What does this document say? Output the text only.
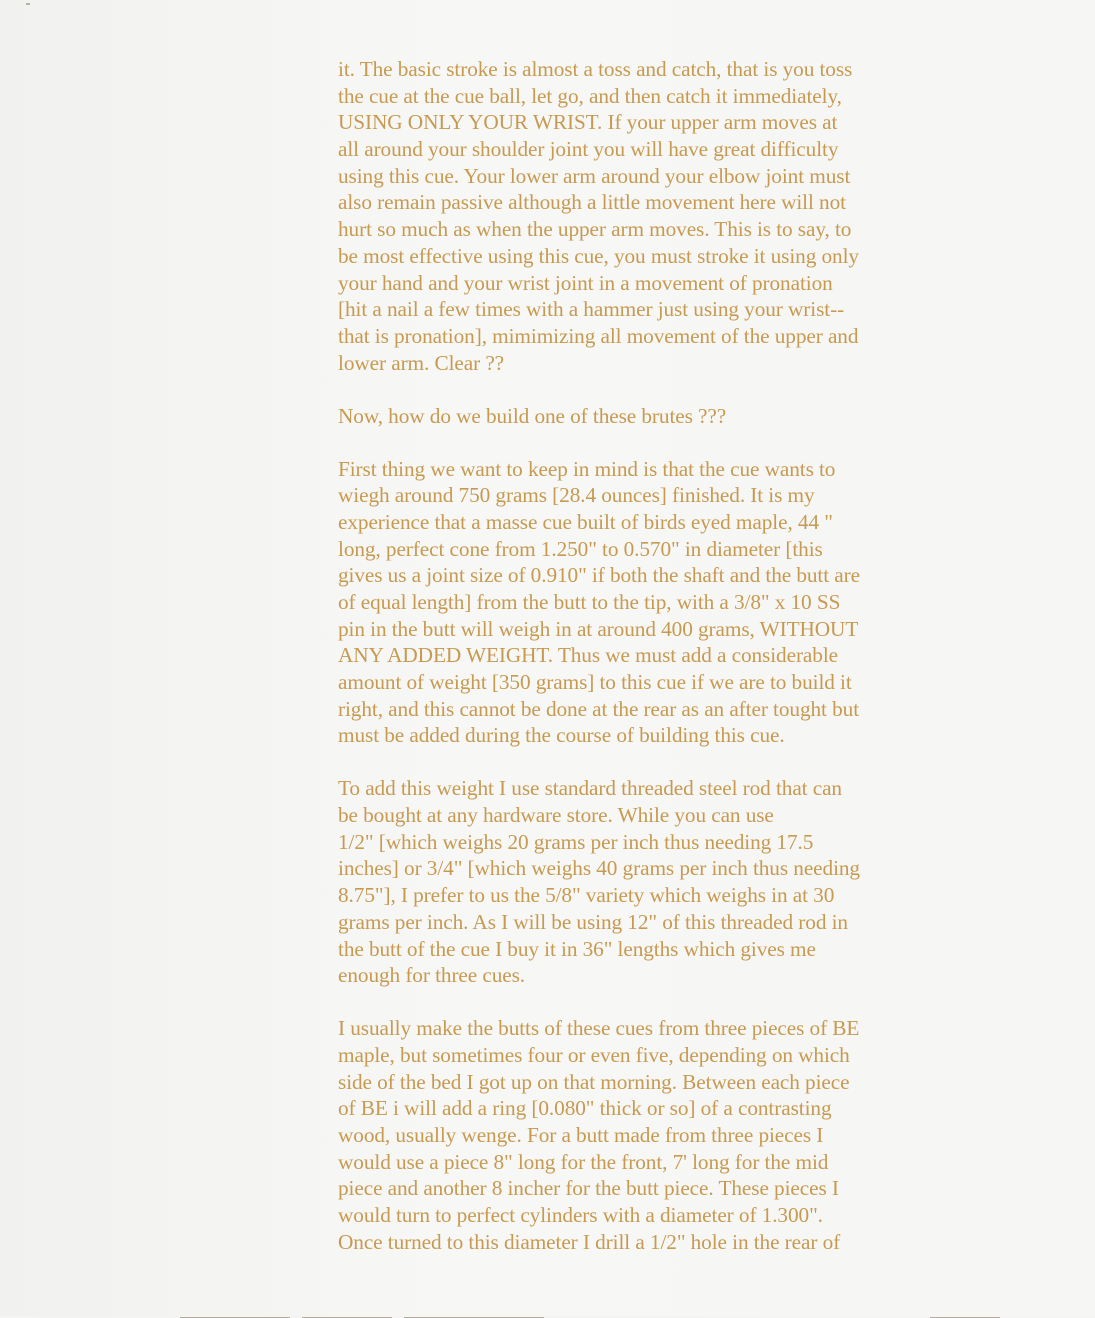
it. The basic stroke is almost a toss and catch, that is you toss
the cue at the cue ball, let go, and then catch it immediately,
USING ONLY YOUR WRIST. If your upper arm moves at
all around your shoulder joint you will have great difficulty
using this cue. Your lower arm around your elbow joint must
also remain passive although a little movement here will not
hurt so much as when the upper arm moves. This is to say, to
be most effective using this cue, you must stroke it using only
your hand and your wrist joint in a movement of pronation
[hit a nail a few times with a hammer just using your wrist--
that is pronation], mimimizing all movement of the upper and
lower arm. Clear ??
Now, how do we build one of these brutes ???
First thing we want to keep in mind is that the cue wants to
wiegh around 750 grams [28.4 ounces] finished. It is my
experience that a masse cue built of birds eyed maple, 44 "
long, perfect cone from 1.250" to 0.570" in diameter [this
gives us a joint size of 0.910" if both the shaft and the butt are
of equal length] from the butt to the tip, with a 3/8" x 10 SS
pin in the butt will weigh in at around 400 grams, WITHOUT
ANY ADDED WEIGHT. Thus we must add a considerable
amount of weight [350 grams] to this cue if we are to build it
right, and this cannot be done at the rear as an after tought but
must be added during the course of building this cue.
To add this weight I use standard threaded steel rod that can
be bought at any hardware store. While you can use
1/2" [which weighs 20 grams per inch thus needing 17.5
inches] or 3/4" [which weighs 40 grams per inch thus needing
8.75"], I prefer to us the 5/8" variety which weighs in at 30
grams per inch. As I will be using 12" of this threaded rod in
the butt of the cue I buy it in 36" lengths which gives me
enough for three cues.
I usually make the butts of these cues from three pieces of BE
maple, but sometimes four or even five, depending on which
side of the bed I got up on that morning. Between each piece
of BE i will add a ring [0.080" thick or so] of a contrasting
wood, usually wenge. For a butt made from three pieces I
would use a piece 8" long for the front, 7' long for the mid
piece and another 8 incher for the butt piece. These pieces I
would turn to perfect cylinders with a diameter of 1.300".
Once turned to this diameter I drill a 1/2" hole in the rear of
